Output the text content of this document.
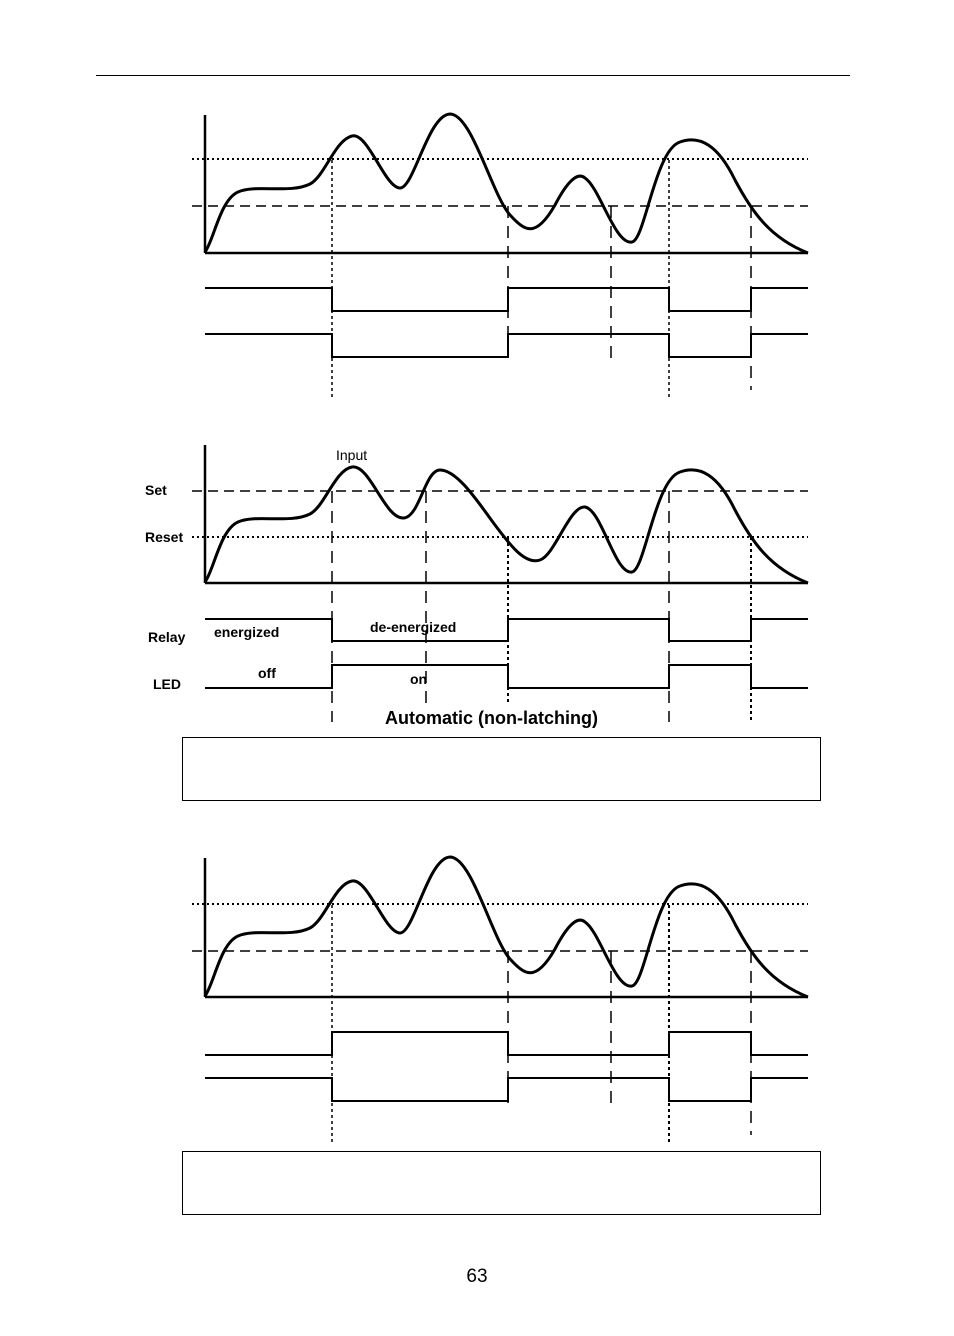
Input
Set
Reset
Relay
LED
energized	de-energized
off	on
Automatic (non-latching)
63
